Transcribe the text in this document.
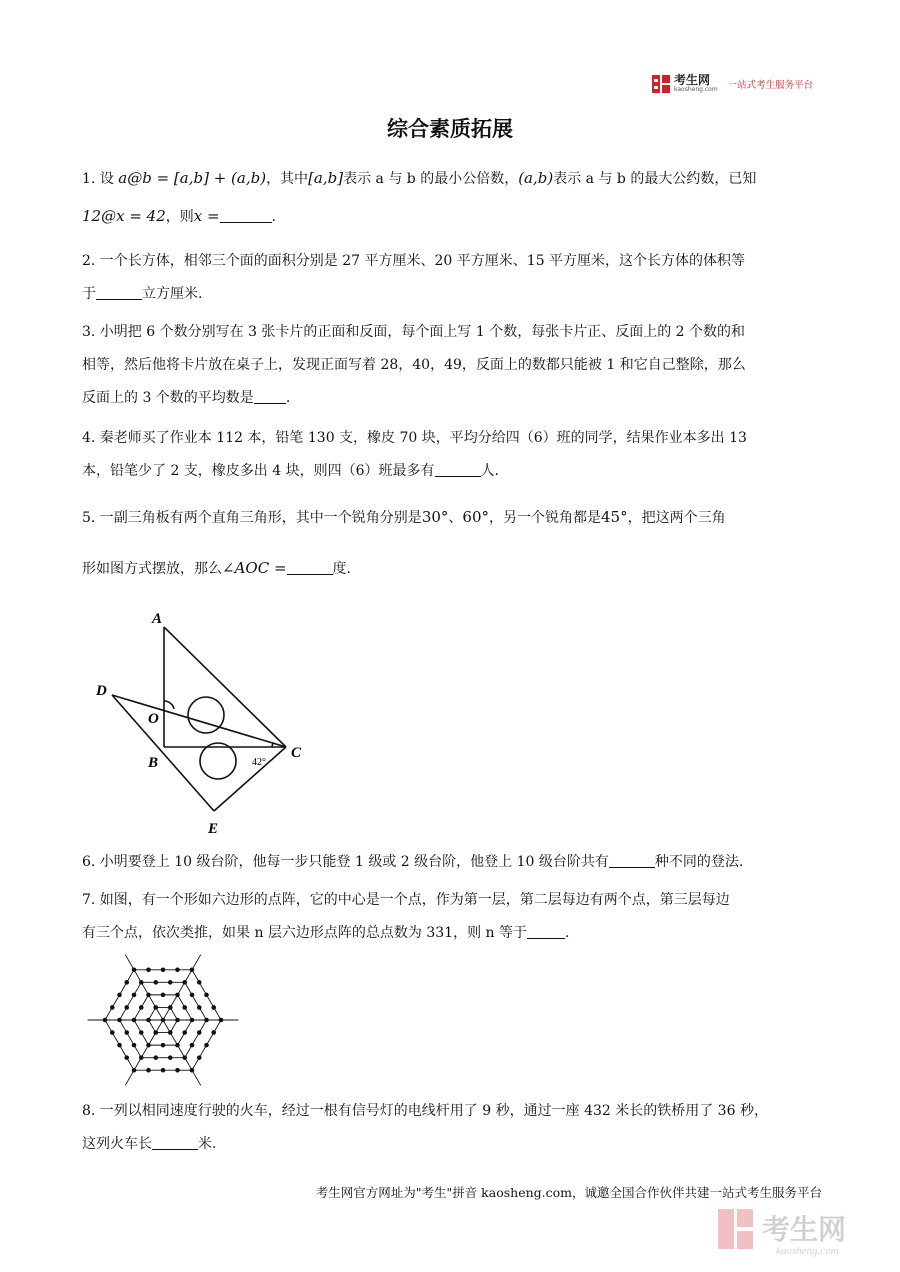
考生网
kaosheng.com 一站式考生服务平台
综合素质拓展

1. 设 a@b = [a,b] + (a,b)，其中[a,b]表示 a 与 b 的最小公倍数，(a,b)表示 a 与 b 的最大公约数，已知

12@x = 42，则x =	.

2. 一个长方体，相邻三个面的面积分别是 27 平方厘米、20 平方厘米、15 平方厘米，这个长方体的体积等

于	立方厘米.

3. 小明把 6 个数分别写在 3 张卡片的正面和反面，每个面上写 1 个数，每张卡片正、反面上的 2 个数的和

相等，然后他将卡片放在桌子上，发现正面写着 28，40，49，反面上的数都只能被 1 和它自己整除，那么

反面上的 3 个数的平均数是 .

4. 秦老师买了作业本 112 本，铅笔 130 支，橡皮 70 块，平均分给四（6）班的同学，结果作业本多出 13

本，铅笔少了 2 支，橡皮多出 4 块，则四（6）班最多有	人.

5. 一副三角板有两个直角三角形，其中一个锐角分别是30°、60°，另一个锐角都是45°，把这两个三角

形如图方式摆放，那么∠AOC =	度.

A
D
O
B
C
E
42°

6. 小明要登上 10 级台阶，他每一步只能登 1 级或 2 级台阶，他登上 10 级台阶共有	种不同的登法.

7. 如图，有一个形如六边形的点阵，它的中心是一个点，作为第一层，第二层每边有两个点，第三层每边

有三个点，依次类推，如果 n 层六边形点阵的总点数为 331，则 n 等于	.

8. 一列以相同速度行驶的火车，经过一根有信号灯的电线杆用了 9 秒，通过一座 432 米长的铁桥用了 36 秒，

这列火车长	米.

考生网官方网址为"考生"拼音 kaosheng.com，诚邀全国合作伙伴共建一站式考生服务平台
考生网
kaosheng.com
